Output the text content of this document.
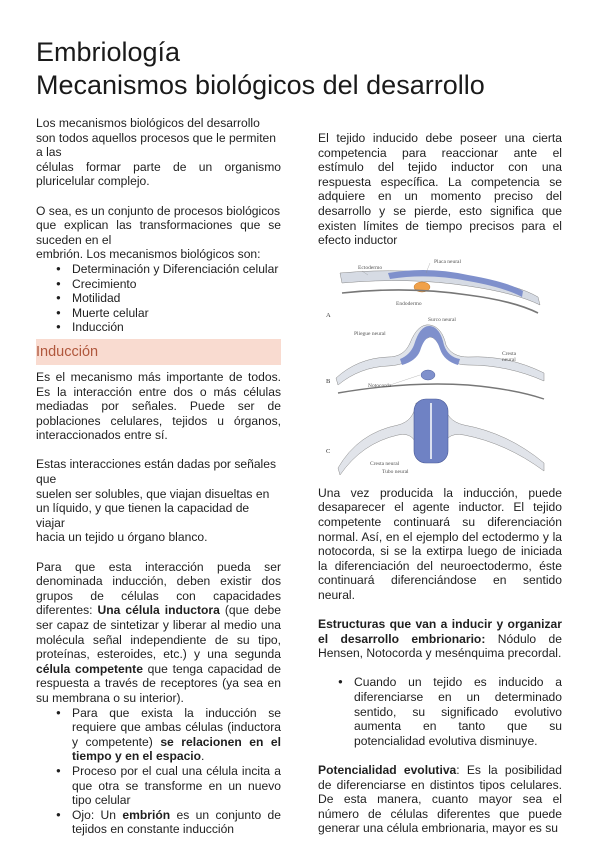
Embriología
Mecanismos biológicos del desarrollo

Los mecanismos biológicos del desarrollo
son todos aquellos procesos que le permiten
a las
células formar parte de un organismo
pluricelular complejo.

O sea, es un conjunto de procesos biológicos
que explican las transformaciones que se
suceden en el
embrión. Los mecanismos biológicos son:

● Determinación y Diferenciación celular
● Crecimiento
● Motilidad
● Muerte celular
● Inducción
Inducción

Es el mecanismo más importante de todos. Es la interacción entre dos o más células mediadas por señales. Puede ser de poblaciones celulares, tejidos u órganos, interaccionados entre sí.

Estas interacciones están dadas por señales
que
suelen ser solubles, que viajan disueltas en
un líquido, y que tienen la capacidad de viajar
hacia un tejido u órgano blanco.

Para que esta interacción pueda ser denominada inducción, deben existir dos grupos de células con capacidades diferentes: Una célula inductora (que debe ser capaz de sintetizar y liberar al medio una molécula señal independiente de su tipo, proteínas, esteroides, etc.) y una segunda célula competente que tenga capacidad de respuesta a través de receptores (ya sea en su membrana o su interior).

● Para que exista la inducción se requiere que ambas células (inductora y competente) se relacionen en el tiempo y en el espacio.
● Proceso por el cual una célula incita a que otra se transforme en un nuevo tipo celular
● Ojo: Un embrión es un conjunto de tejidos en constante inducción

El tejido inducido debe poseer una cierta competencia para reaccionar ante el estímulo del tejido inductor con una respuesta específica. La competencia se adquiere en un momento preciso del desarrollo y se pierde, esto significa que existen límites de tiempo precisos para el efecto inductor

Ectodermo
Placa neural
Endodermo
A
Surco neural
Pliegue neural
Cresta
neural
B
Notocorda
C
Cresta neural
Tubo neural

Una vez producida la inducción, puede desaparecer el agente inductor. El tejido competente continuará su diferenciación normal. Así, en el ejemplo del ectodermo y la notocorda, si se la extirpa luego de iniciada la diferenciación del neuroectodermo, éste continuará diferenciándose en sentido neural.

Estructuras que van a inducir y organizar el desarrollo embrionario: Nódulo de Hensen, Notocorda y mesénquima precordal.

● Cuando un tejido es inducido a diferenciarse en un determinado sentido, su significado evolutivo aumenta en tanto que su potencialidad evolutiva disminuye.

Potencialidad evolutiva: Es la posibilidad de diferenciarse en distintos tipos celulares. De esta manera, cuanto mayor sea el número de células diferentes que puede generar una célula embrionaria, mayor es su
